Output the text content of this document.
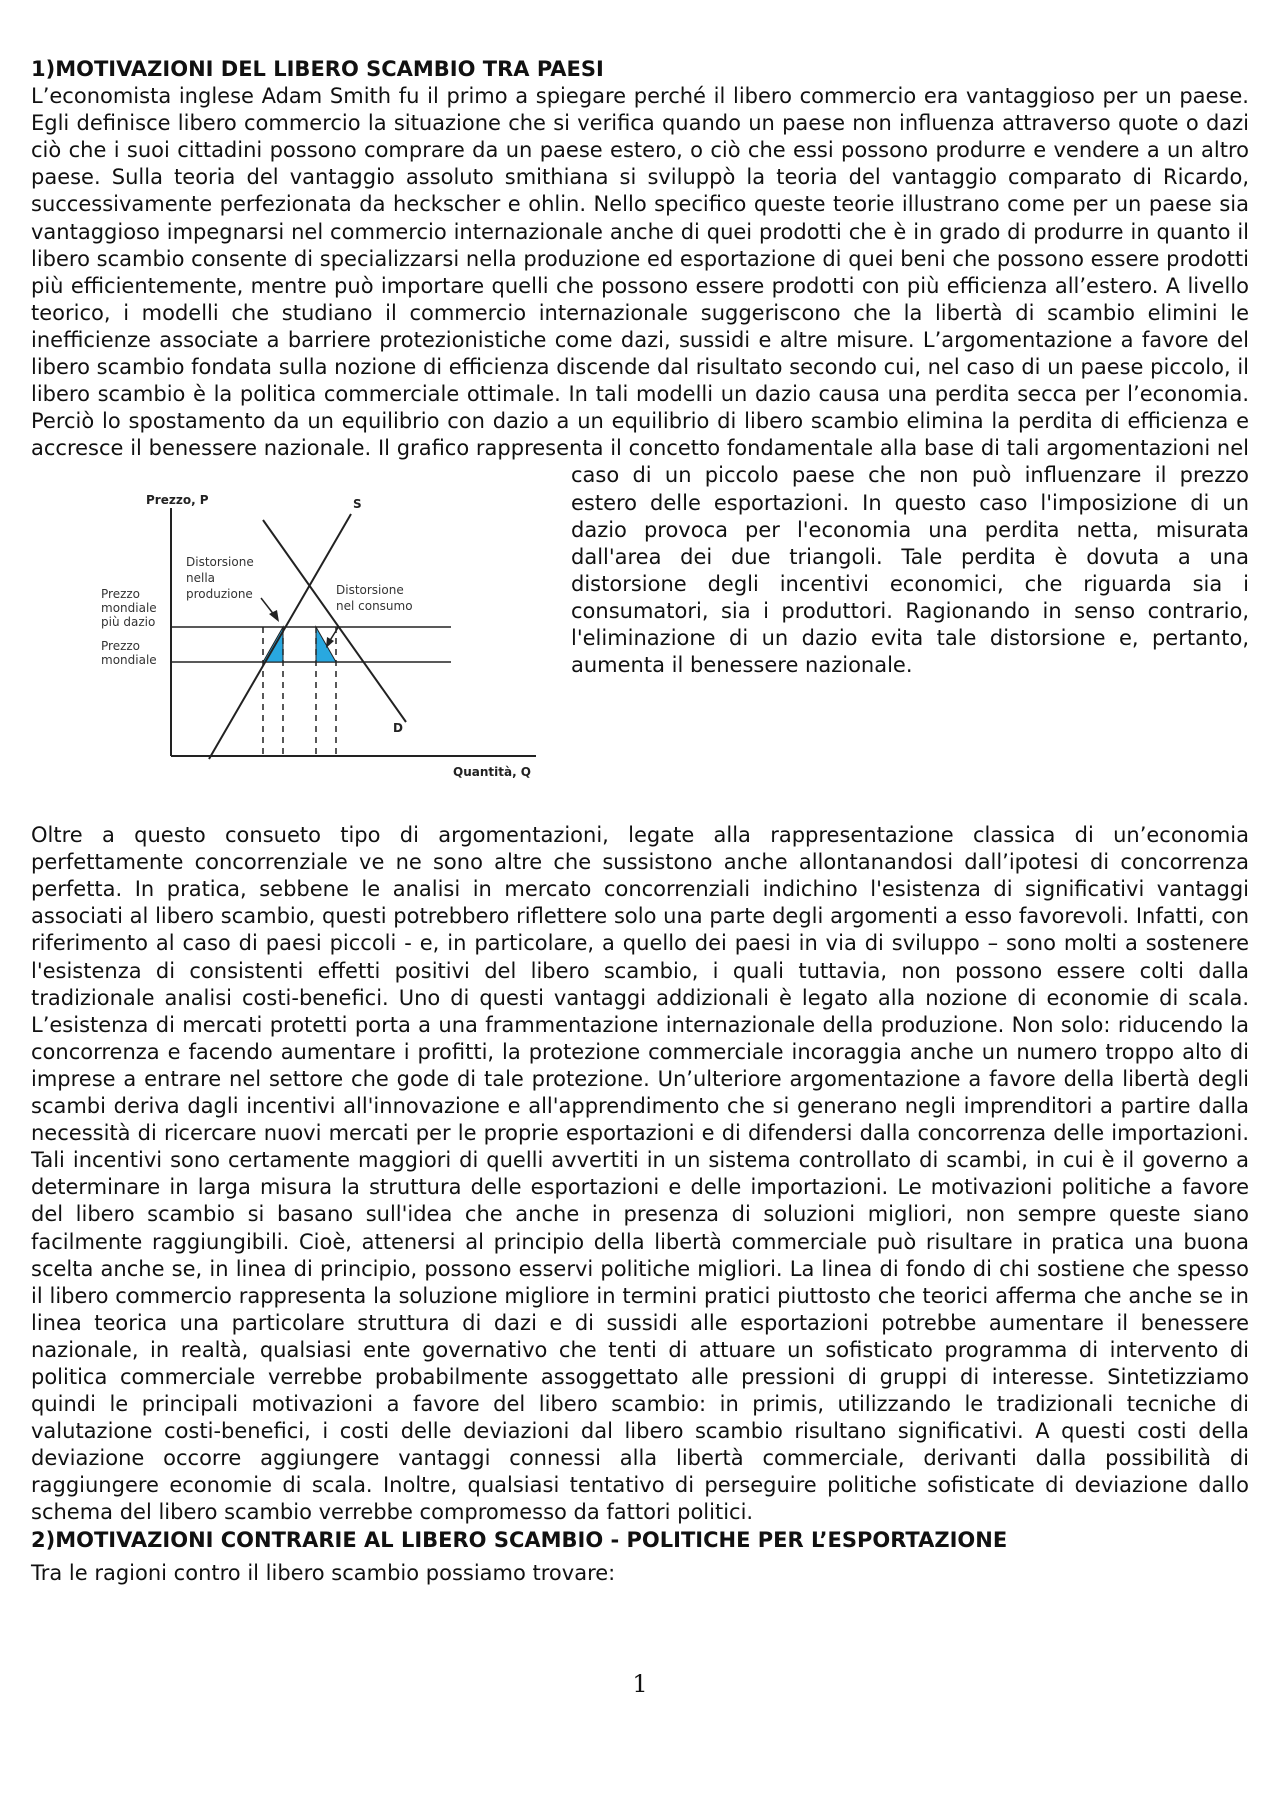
1)MOTIVAZIONI DEL LIBERO SCAMBIO TRA PAESI

Prezzo, P
Quantità, Q
S
D
Prezzo
mondiale
più dazio
Prezzo
mondiale
Distorsione
nella
produzione	Distorsione
nel consumo

L’economista inglese Adam Smith fu il primo a spiegare perché il libero commercio era vantaggioso per un paese. Egli definisce libero commercio la situazione che si verifica quando un paese non influenza attraverso quote o dazi ciò che i suoi cittadini possono comprare da un paese estero, o ciò che essi possono produrre e vendere a un altro paese. Sulla teoria del vantaggio assoluto smithiana si sviluppò la teoria del vantaggio comparato di Ricardo, successivamente perfezionata da heckscher e ohlin. Nello specifico queste teorie illustrano come per un paese sia vantaggioso impegnarsi nel commercio internazionale anche di quei prodotti che è in grado di produrre in quanto il libero scambio consente di specializzarsi nella produzione ed esportazione di quei beni che possono essere prodotti più efficientemente, mentre può importare quelli che possono essere prodotti con più efficienza all’estero. A livello teorico, i modelli che studiano il commercio internazionale suggeriscono che la libertà di scambio elimini le inefficienze associate a barriere protezionistiche come dazi, sussidi e altre misure. L’argomentazione a favore del libero scambio fondata sulla nozione di efficienza discende dal risultato secondo cui, nel caso di un paese piccolo, il libero scambio è la politica commerciale ottimale. In tali modelli un dazio causa una perdita secca per l’economia. Perciò lo spostamento da un equilibrio con dazio a un equilibrio di libero scambio elimina la perdita di efficienza e accresce il benessere nazionale. Il grafico rappresenta il concetto fondamentale alla base di tali argomentazioni nel caso di un piccolo paese che non può influenzare il prezzo estero delle esportazioni. In questo caso l'imposizione di un dazio provoca per l'economia una perdita netta, misurata dall'area dei due triangoli. Tale perdita è dovuta a una distorsione degli incentivi economici, che riguarda sia i consumatori, sia i produttori. Ragionando in senso contrario, l'eliminazione di un dazio evita tale distorsione e, pertanto, aumenta il benessere nazionale.

Oltre a questo consueto tipo di argomentazioni, legate alla rappresentazione classica di un’economia perfettamente concorrenziale ve ne sono altre che sussistono anche allontanandosi dall’ipotesi di concorrenza perfetta. In pratica, sebbene le analisi in mercato concorrenziali indichino l'esistenza di significativi vantaggi associati al libero scambio, questi potrebbero riflettere solo una parte degli argomenti a esso favorevoli. Infatti, con riferimento al caso di paesi piccoli - e, in particolare, a quello dei paesi in via di sviluppo – sono molti a sostenere l'esistenza di consistenti effetti positivi del libero scambio, i quali tuttavia, non possono essere colti dalla tradizionale analisi costi-benefici. Uno di questi vantaggi addizionali è legato alla nozione di economie di scala. L’esistenza di mercati protetti porta a una frammentazione internazionale della produzione. Non solo: riducendo la concorrenza e facendo aumentare i profitti, la protezione commerciale incoraggia anche un numero troppo alto di imprese a entrare nel settore che gode di tale protezione. Un’ulteriore argomentazione a favore della libertà degli scambi deriva dagli incentivi all'innovazione e all'apprendimento che si generano negli imprenditori a partire dalla necessità di ricercare nuovi mercati per le proprie esportazioni e di difendersi dalla concorrenza delle importazioni. Tali incentivi sono certamente maggiori di quelli avvertiti in un sistema controllato di scambi, in cui è il governo a determinare in larga misura la struttura delle esportazioni e delle importazioni. Le motivazioni politiche a favore del libero scambio si basano sull'idea che anche in presenza di soluzioni migliori, non sempre queste siano facilmente raggiungibili. Cioè, attenersi al principio della libertà commerciale può risultare in pratica una buona scelta anche se, in linea di principio, possono esservi politiche migliori. La linea di fondo di chi sostiene che spesso il libero commercio rappresenta la soluzione migliore in termini pratici piuttosto che teorici afferma che anche se in linea teorica una particolare struttura di dazi e di sussidi alle esportazioni potrebbe aumentare il benessere nazionale, in realtà, qualsiasi ente governativo che tenti di attuare un sofisticato programma di intervento di politica commerciale verrebbe probabilmente assoggettato alle pressioni di gruppi di interesse. Sintetizziamo quindi le principali motivazioni a favore del libero scambio: in primis, utilizzando le tradizionali tecniche di valutazione costi-benefici, i costi delle deviazioni dal libero scambio risultano significativi. A questi costi della deviazione occorre aggiungere vantaggi connessi alla libertà commerciale, derivanti dalla possibilità di raggiungere economie di scala. Inoltre, qualsiasi tentativo di perseguire politiche sofisticate di deviazione dallo schema del libero scambio verrebbe compromesso da fattori politici.

2)MOTIVAZIONI CONTRARIE AL LIBERO SCAMBIO - POLITICHE PER L’ESPORTAZIONE

Tra le ragioni contro il libero scambio possiamo trovare:

1
